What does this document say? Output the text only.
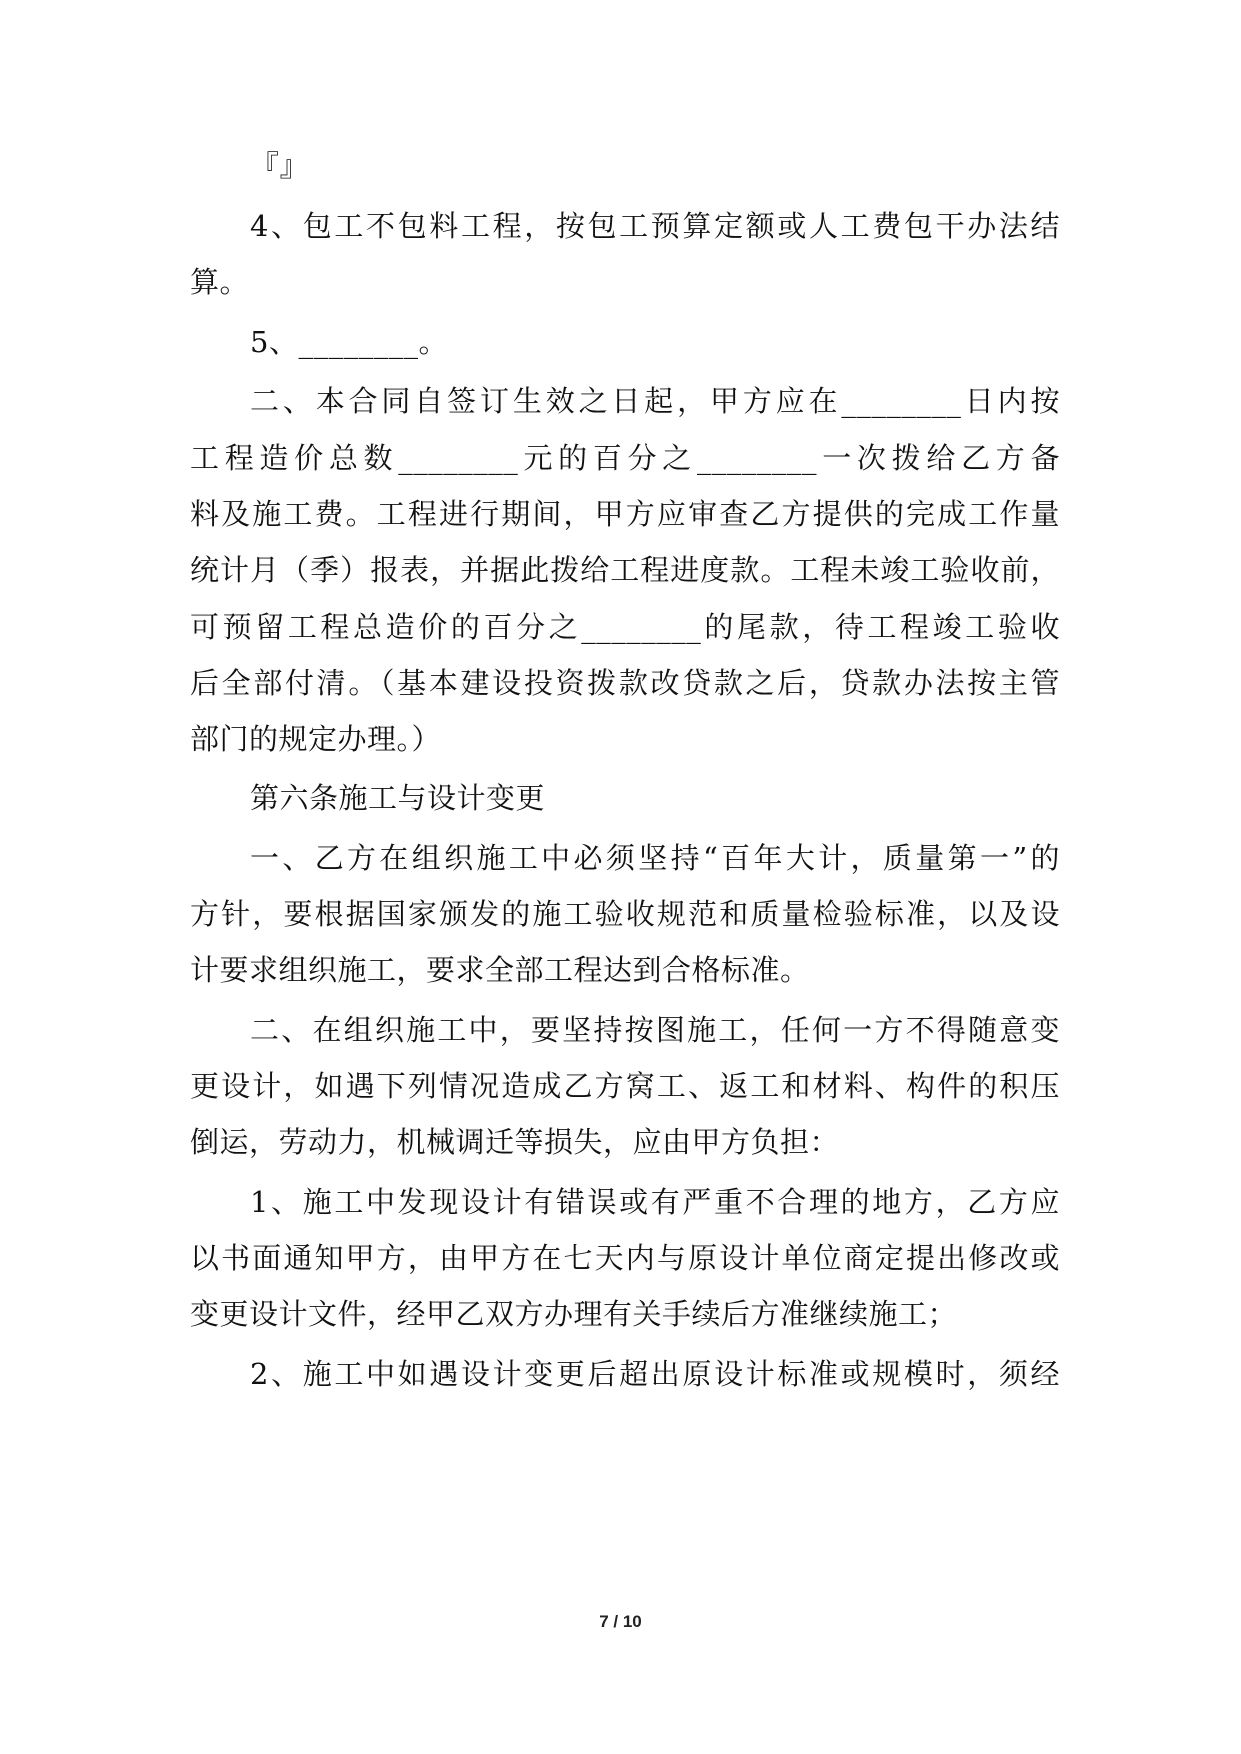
『』
4、包工不包料工程，按包工预算定额或人工费包干办法结
算。
5、________。
二、本合同自签订生效之日起，甲方应在________日内按
工程造价总数________元的百分之________一次拨给乙方备
料及施工费。工程进行期间，甲方应审查乙方提供的完成工作量
统计月（季）报表，并据此拨给工程进度款。工程未竣工验收前，
可预留工程总造价的百分之________的尾款，待工程竣工验收
后全部付清。（基本建设投资拨款改贷款之后，贷款办法按主管
部门的规定办理。）
第六条施工与设计变更
一、乙方在组织施工中必须坚持“百年大计，质量第一”的
方针，要根据国家颁发的施工验收规范和质量检验标准，以及设
计要求组织施工，要求全部工程达到合格标准。
二、在组织施工中，要坚持按图施工，任何一方不得随意变
更设计，如遇下列情况造成乙方窝工、返工和材料、构件的积压
倒运，劳动力，机械调迁等损失，应由甲方负担：
1、施工中发现设计有错误或有严重不合理的地方，乙方应
以书面通知甲方，由甲方在七天内与原设计单位商定提出修改或
变更设计文件，经甲乙双方办理有关手续后方准继续施工；
2、施工中如遇设计变更后超出原设计标准或规模时，须经
7 / 10
